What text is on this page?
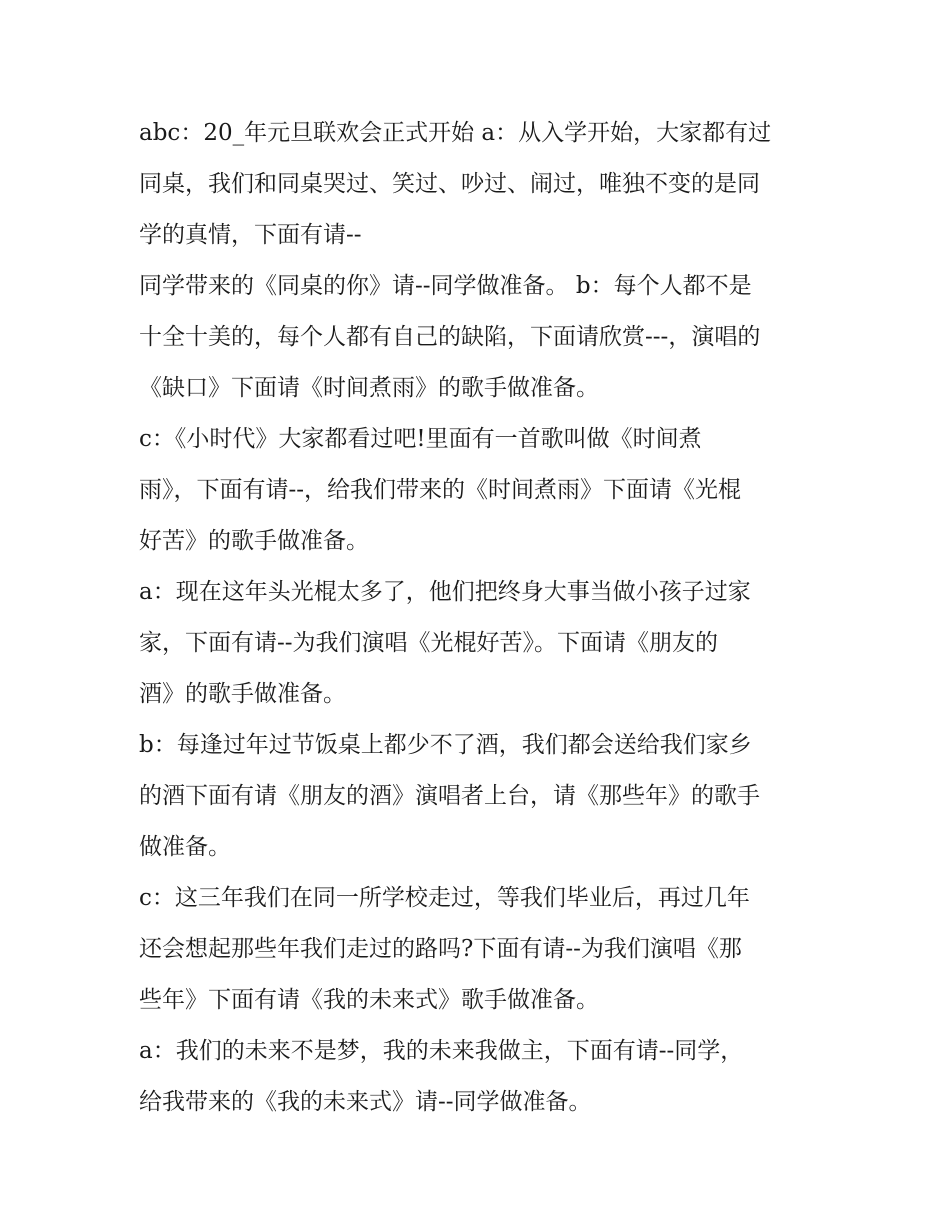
abc：20_年元旦联欢会正式开始 a：从入学开始，大家都有过
同桌，我们和同桌哭过、笑过、吵过、闹过，唯独不变的是同
学的真情，下面有请--
同学带来的《同桌的你》请--同学做准备。 b：每个人都不是
十全十美的，每个人都有自己的缺陷，下面请欣赏---，演唱的
《缺口》下面请《时间煮雨》的歌手做准备。
c：《小时代》大家都看过吧!里面有一首歌叫做《时间煮
雨》，下面有请--，给我们带来的《时间煮雨》下面请《光棍
好苦》的歌手做准备。
a：现在这年头光棍太多了，他们把终身大事当做小孩子过家
家，下面有请--为我们演唱《光棍好苦》。下面请《朋友的
酒》的歌手做准备。
b：每逢过年过节饭桌上都少不了酒，我们都会送给我们家乡
的酒下面有请《朋友的酒》演唱者上台，请《那些年》的歌手
做准备。
c：这三年我们在同一所学校走过，等我们毕业后，再过几年
还会想起那些年我们走过的路吗?下面有请--为我们演唱《那
些年》下面有请《我的未来式》歌手做准备。
a：我们的未来不是梦，我的未来我做主，下面有请--同学，
给我带来的《我的未来式》请--同学做准备。
